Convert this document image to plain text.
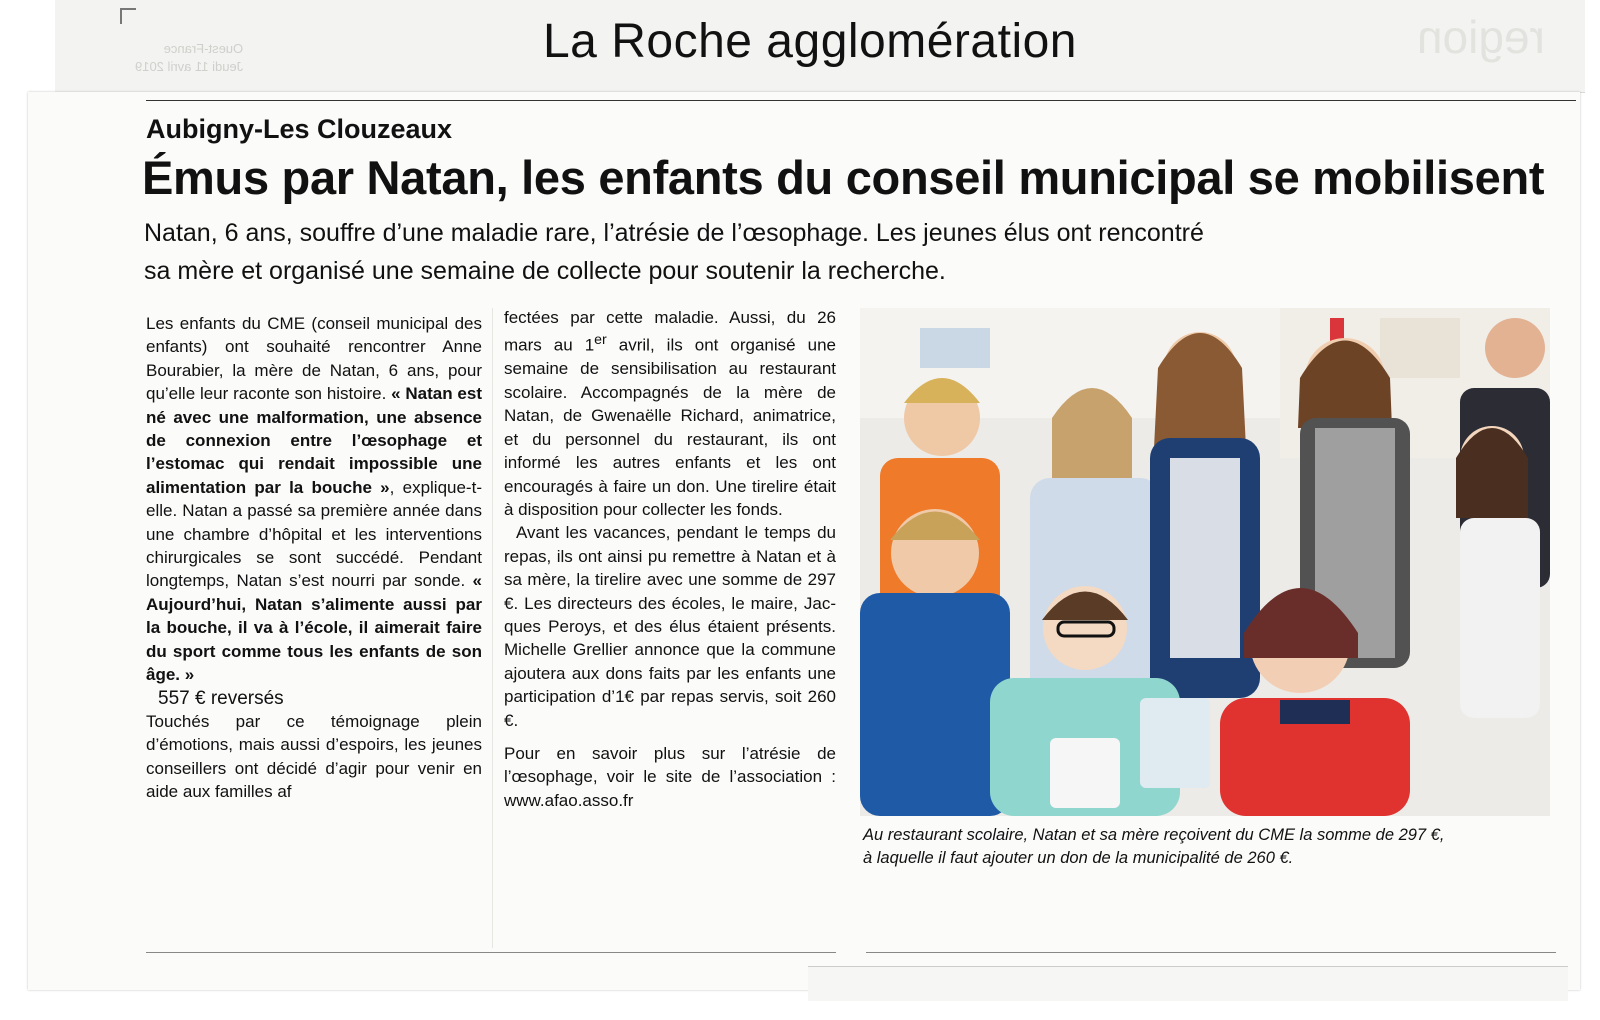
region
Ouest-France
Jeudi 11 avril 2019	La Roche agglomération
Aubigny-Les Clouzeaux
Émus par Natan, les enfants du conseil municipal se mobilisent
Natan, 6 ans, souffre d’une maladie rare, l’atrésie de l’œsophage. Les jeunes élus ont rencontré
sa mère et organisé une semaine de collecte pour soutenir la recherche.

Les enfants du CME (conseil municipal des enfants) ont souhaité rencontrer Anne Bourabier, la mère de Natan, 6 ans, pour qu’elle leur raconte son histoire. « Natan est né avec une malformation, une absence de connexion entre l’œsophage et l’estomac qui rendait impossible une alimentation par la bouche », explique-t-elle. Natan a passé sa première année dans une chambre d’hôpital et les interventions chirurgicales se sont succédé. Pendant longtemps, Natan s’est nourri par sonde. « Aujourd’hui, Natan s’alimente aussi par la bouche, il va à l’école, il aimerait faire du sport comme tous les enfants de son âge. »

557 € reversés

Touchés par ce témoignage plein d’émotions, mais aussi d’espoirs, les jeunes conseillers ont décidé d’agir pour venir en aide aux familles af

fectées par cette maladie. Aussi, du 26 mars au 1er avril, ils ont organisé une semaine de sensibilisation au restaurant scolaire. Accompagnés de la mère de Natan, de Gwenaëlle Richard, animatrice, et du personnel du restaurant, ils ont informé les autres enfants et les ont encouragés à faire un don. Une tirelire était à disposition pour collecter les fonds.

Avant les vacances, pendant le temps du repas, ils ont ainsi pu remettre à Natan et à sa mère, la tirelire avec une somme de 297 €. Les directeurs des écoles, le maire, Jacques Peroys, et des élus étaient présents. Michelle Grellier annonce que la commune ajoutera aux dons faits par les enfants une participation d’1€ par repas servis, soit 260 €.

Pour en savoir plus sur l’atrésie de l’œsophage, voir le site de l’association : www.afao.asso.fr

Au restaurant scolaire, Natan et sa mère reçoivent du CME la somme de 297 €,
à laquelle il faut ajouter un don de la municipalité de 260 €.
